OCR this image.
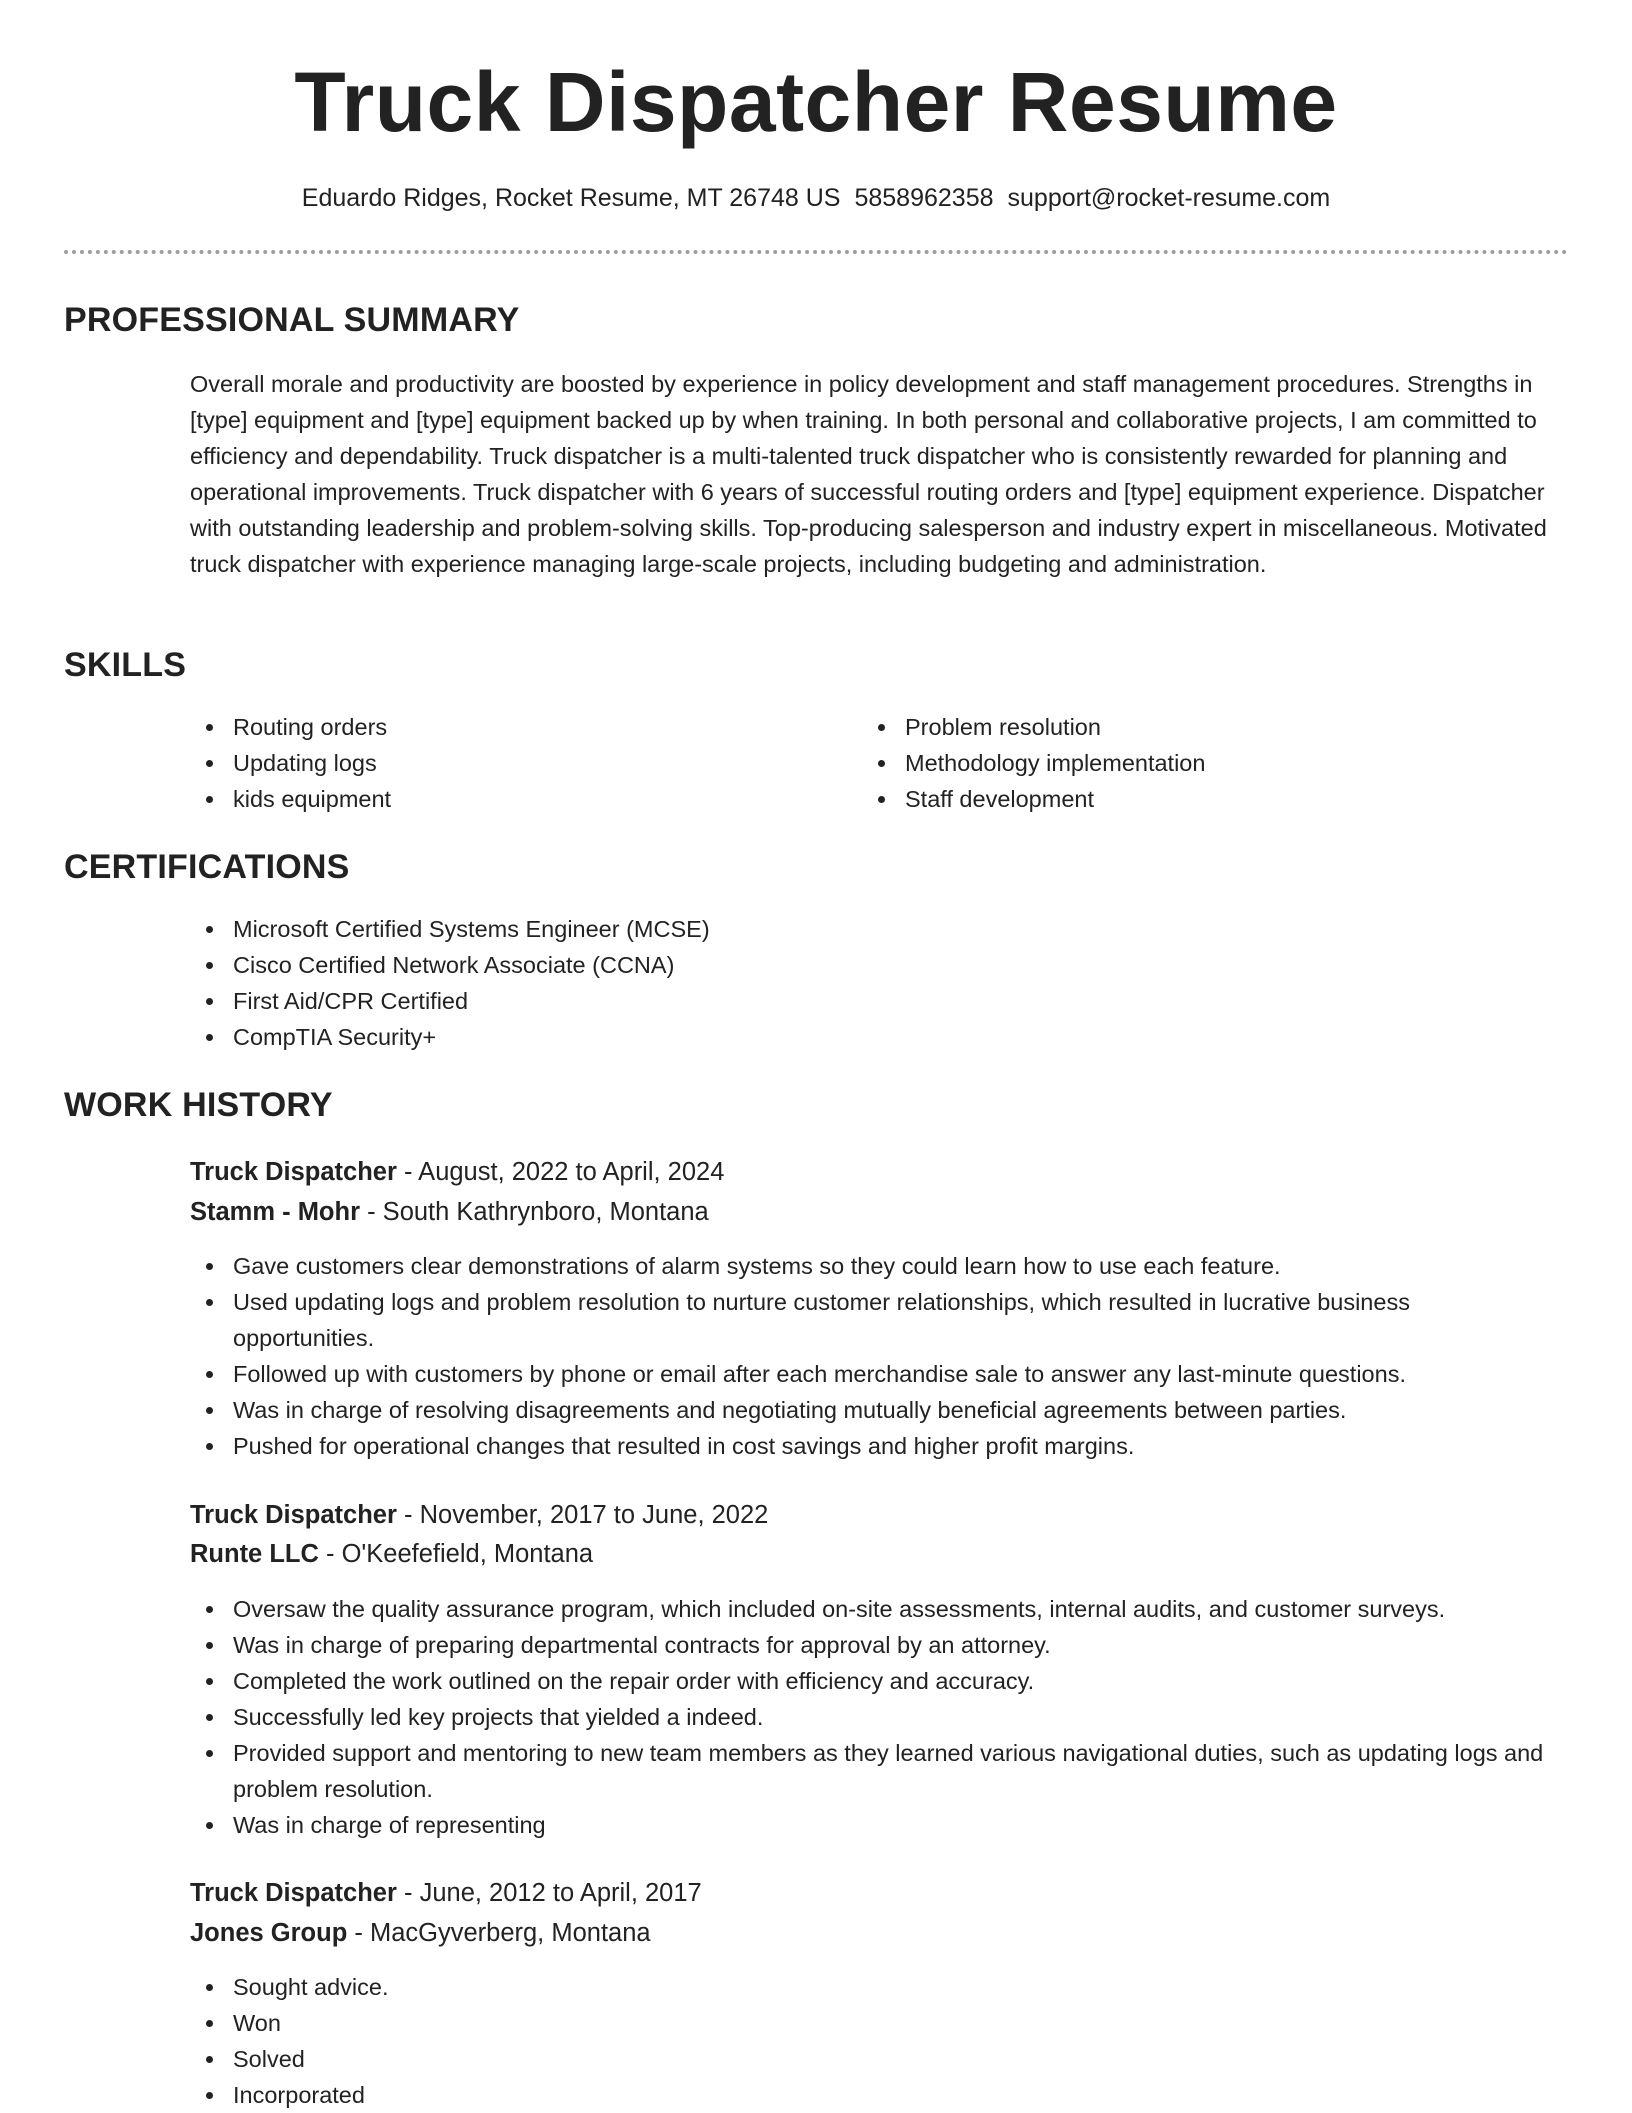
Truck Dispatcher Resume
Eduardo Ridges, Rocket Resume, MT 26748 US 5858962358 support@rocket-resume.com
PROFESSIONAL SUMMARY

Overall morale and productivity are boosted by experience in policy development and staff management procedures. Strengths in [type] equipment and [type] equipment backed up by when training. In both personal and collaborative projects, I am committed to efficiency and dependability. Truck dispatcher is a multi-talented truck dispatcher who is consistently rewarded for planning and operational improvements. Truck dispatcher with 6 years of successful routing orders and [type] equipment experience. Dispatcher with outstanding leadership and problem-solving skills. Top-producing salesperson and industry expert in miscellaneous. Motivated truck dispatcher with experience managing large-scale projects, including budgeting and administration.

SKILLS
Routing orders
Updating logs
kids equipment
Problem resolution
Methodology implementation
Staff development
CERTIFICATIONS
Microsoft Certified Systems Engineer (MCSE)
Cisco Certified Network Associate (CCNA)
First Aid/CPR Certified
CompTIA Security+
WORK HISTORY
Truck Dispatcher - August, 2022 to April, 2024
Stamm - Mohr - South Kathrynboro, Montana
Gave customers clear demonstrations of alarm systems so they could learn how to use each feature.
Used updating logs and problem resolution to nurture customer relationships, which resulted in lucrative business opportunities.
Followed up with customers by phone or email after each merchandise sale to answer any last-minute questions.
Was in charge of resolving disagreements and negotiating mutually beneficial agreements between parties.
Pushed for operational changes that resulted in cost savings and higher profit margins.
Truck Dispatcher - November, 2017 to June, 2022
Runte LLC - O'Keefefield, Montana
Oversaw the quality assurance program, which included on-site assessments, internal audits, and customer surveys.
Was in charge of preparing departmental contracts for approval by an attorney.
Completed the work outlined on the repair order with efficiency and accuracy.
Successfully led key projects that yielded a indeed.
Provided support and mentoring to new team members as they learned various navigational duties, such as updating logs and problem resolution.
Was in charge of representing
Truck Dispatcher - June, 2012 to April, 2017
Jones Group - MacGyverberg, Montana
Sought advice.
Won
Solved
Incorporated
